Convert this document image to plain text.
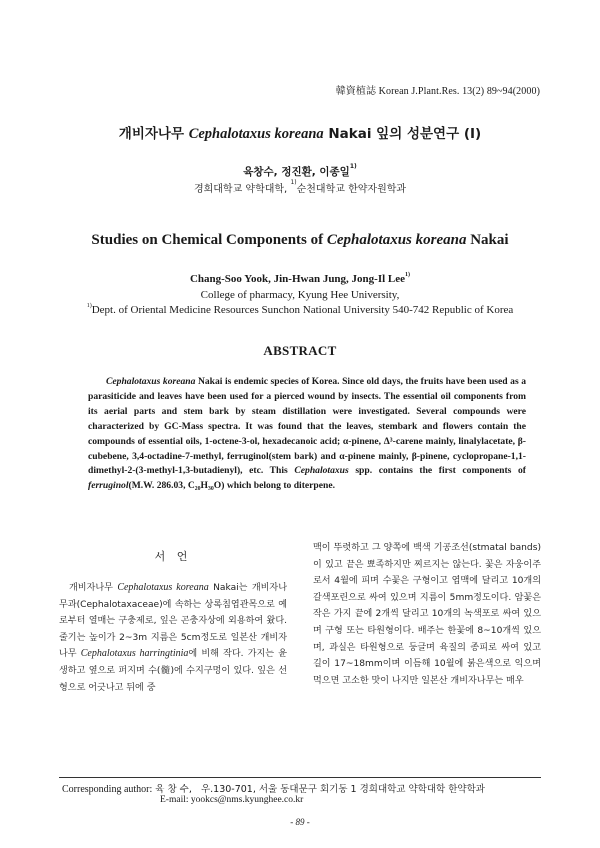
韓資植誌 Korean J.Plant.Res. 13(2) 89~94(2000)
개비자나무 Cephalotaxus koreana Nakai 잎의 성분연구 (I)
육창수, 정진환, 이종일$^{1)}$
경희대학교 약학대학, $^{1)}$순천대학교 한약자원학과
Studies on Chemical Components of Cephalotaxus koreana Nakai
Chang-Soo Yook, Jin-Hwan Jung, Jong-Il Lee$^{1)}$
College of pharmacy, Kyung Hee University,
$^{1)}$Dept. of Oriental Medicine Resources Sunchon National University 540-742 Republic of Korea
ABSTRACT
Cephalotaxus koreana Nakai is endemic species of Korea. Since old days, the fruits have been used as a parasiticide and leaves have been used for a pierced wound by insects. The essential oil components from its aerial parts and stem bark by steam distillation were investigated. Several compounds were characterized by GC-Mass spectra. It was found that the leaves, stembark and flowers contain the compounds of essential oils, 1-octene-3-ol, hexadecanoic acid; α-pinene, Δ³-carene mainly, linalylacetate, β-cubebene, 3,4-octadine-7-methyl, ferruginol(stem bark) and α-pinene mainly, β-pinene, cyclopropane-1,1-dimethyl-2-(3-methyl-1,3-butadienyl), etc. This Cephalotaxus spp. contains the first components of ferruginol(M.W. 286.03, C₂₀H₃₀O) which belong to diterpene.
서 언

개비자나무 Cephalotaxus koreana Nakai는 개비자나무과(Cephalotaxaceae)에 속하는 상록침엽관목으로 예로부터 열매는 구충제로, 잎은 곤충자상에 외용하여 왔다. 줄기는 높이가 2~3m 지름은 5cm정도로 일본산 개비자나무 Cephalotaxus harringtinia에 비해 작다. 가지는 윤생하고 옆으로 퍼지며 수(髓)에 수지구멍이 있다. 잎은 선형으로 어긋나고 뒤에 중

맥이 뚜렷하고 그 양쪽에 백색 기공조선(stmatal bands)이 있고 끝은 뾰족하지만 찌르지는 않는다. 꽃은 자웅이주로서 4월에 피며 수꽃은 구형이고 엽맥에 달리고 10개의 갈색포린으로 싸여 있으며 지름이 5mm정도이다. 암꽃은 작은 가지 끝에 2개씩 달리고 10개의 녹색포로 싸여 있으며 구형 또는 타원형이다. 배주는 한꽃에 8~10개씩 있으며, 과실은 타원형으로 둥글며 육질의 종피로 싸여 있고 길이 17~18mm이며 이듬해 10월에 붉은색으로 익으며 먹으면 고소한 맛이 나지만 일본산 개비자나무는 매우

Corresponding author: 육 창 수, 우.130-701, 서울 동대문구 회기동 1 경희대학교 약학대학 한약학과
E-mail: yookcs@nms.kyunghee.co.kr
- 89 -
